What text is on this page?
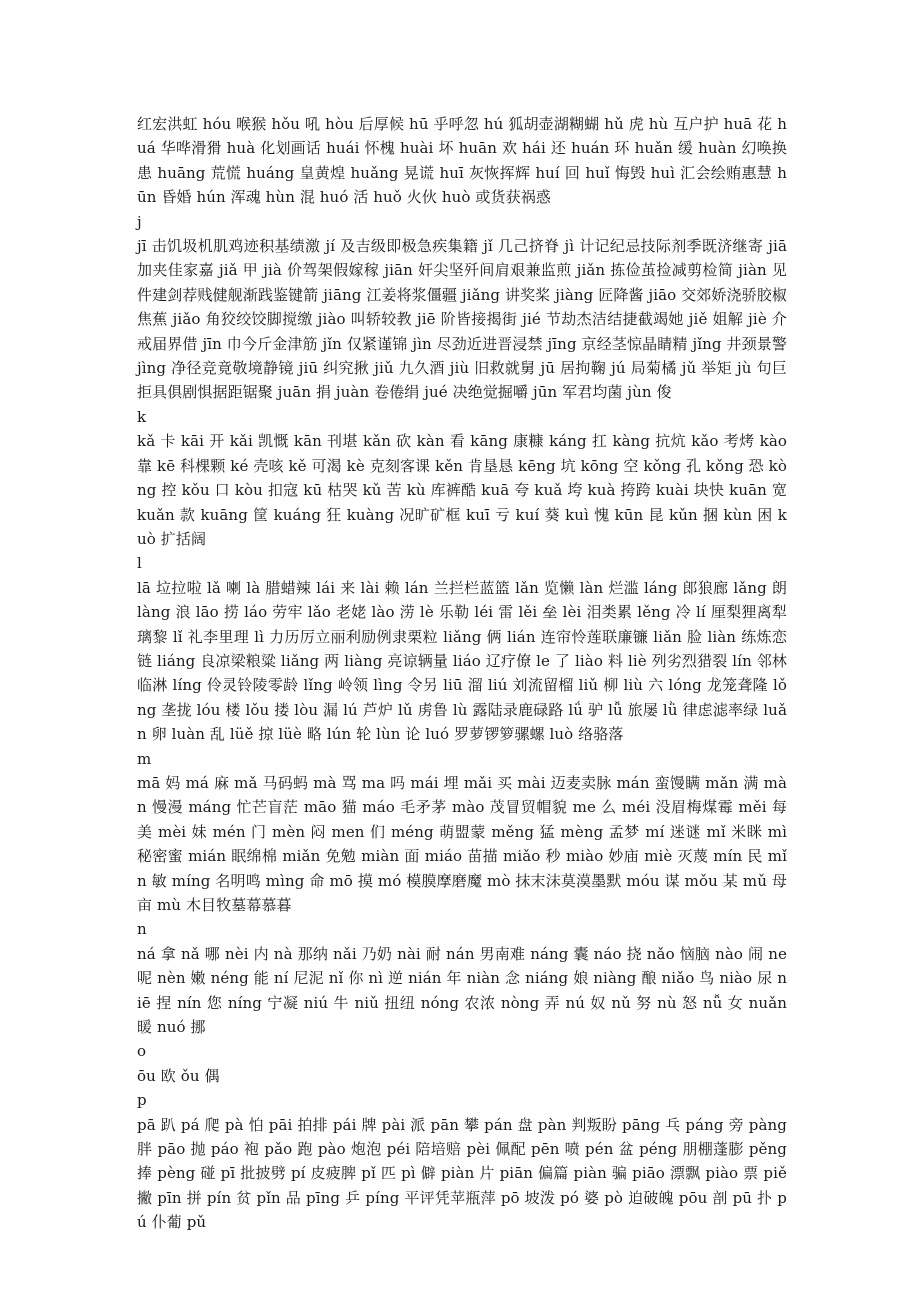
红宏洪虹 hóu 喉猴 hǒu 吼 hòu 后厚候 hū 乎呼忽 hú 狐胡壶湖糊蝴 hǔ 虎 hù 互户护 huā 花 huá 华哗滑猾 huà 化划画话 huái 怀槐 huài 坏 huān 欢 hái 还 huán 环 huǎn 缓 huàn 幻唤换患 huāng 荒慌 huáng 皇黄煌 huǎng 晃谎 huī 灰恢挥辉 huí 回 huǐ 悔毁 huì 汇会绘贿惠慧 hūn 昏婚 hún 浑魂 hùn 混 huó 活 huǒ 火伙 huò 或货获祸惑

j

jī 击饥圾机肌鸡迹积基绩激 jí 及吉级即极急疾集籍 jǐ 几己挤脊 jì 计记纪忌技际剂季既济继寄 jiā 加夹佳家嘉 jiǎ 甲 jià 价驾架假嫁稼 jiān 奸尖坚歼间肩艰兼监煎 jiǎn 拣俭茧捡减剪检简 jiàn 见件建剑荐贱健舰渐践鉴键箭 jiāng 江姜将浆僵疆 jiǎng 讲奖桨 jiàng 匠降酱 jiāo 交郊娇浇骄胶椒焦蕉 jiǎo 角狡绞饺脚搅缴 jiào 叫轿较教 jiē 阶皆接揭街 jié 节劫杰洁结捷截竭她 jiě 姐解 jiè 介戒届界借 jīn 巾今斤金津筋 jǐn 仅紧谨锦 jìn 尽劲近进晋浸禁 jīng 京经茎惊晶睛精 jǐng 井颈景警 jìng 净径竞竟敬境静镜 jiū 纠究揪 jiǔ 九久酒 jiù 旧救就舅 jū 居拘鞠 jú 局菊橘 jǔ 举矩 jù 句巨拒具俱剧惧据距锯聚 juān 捐 juàn 卷倦绢 jué 决绝觉掘嚼 jūn 军君均菌 jùn 俊

k

kǎ 卡 kāi 开 kǎi 凯慨 kān 刊堪 kǎn 砍 kàn 看 kāng 康糠 káng 扛 kàng 抗炕 kǎo 考烤 kào 靠 kē 科棵颗 ké 壳咳 kě 可渴 kè 克刻客课 kěn 肯垦恳 kēng 坑 kōng 空 kǒng 孔 kǒng 恐 kòng 控 kǒu 口 kòu 扣寇 kū 枯哭 kǔ 苦 kù 库裤酷 kuā 夸 kuǎ 垮 kuà 挎跨 kuài 块快 kuān 宽 kuǎn 款 kuāng 筐 kuáng 狂 kuàng 况旷矿框 kuī 亏 kuí 葵 kuì 愧 kūn 昆 kǔn 捆 kùn 困 kuò 扩括阔

l

lā 垃拉啦 lǎ 喇 là 腊蜡辣 lái 来 lài 赖 lán 兰拦栏蓝篮 lǎn 览懒 làn 烂滥 láng 郎狼廊 lǎng 朗 làng 浪 lāo 捞 láo 劳牢 lǎo 老姥 lào 涝 lè 乐勒 léi 雷 lěi 垒 lèi 泪类累 lěng 冷 lí 厘梨狸离犁璃黎 lǐ 礼李里理 lì 力历厉立丽利励例隶栗粒 liǎng 俩 lián 连帘怜莲联廉镰 liǎn 脸 liàn 练炼恋链 liáng 良凉梁粮粱 liǎng 两 liàng 亮谅辆量 liáo 辽疗僚 le 了 liào 料 liè 列劣烈猎裂 lín 邻林临淋 líng 伶灵铃陵零龄 lǐng 岭领 lìng 令另 liū 溜 liú 刘流留榴 liǔ 柳 liù 六 lóng 龙笼聋隆 lǒng 垄拢 lóu 楼 lǒu 搂 lòu 漏 lú 芦炉 lǔ 虏鲁 lù 露陆录鹿碌路 lǘ 驴 lǚ 旅屡 lǜ 律虑滤率绿 luǎn 卵 luàn 乱 lüě 掠 lüè 略 lún 轮 lùn 论 luó 罗萝锣箩骡螺 luò 络骆落

m

mā 妈 má 麻 mǎ 马码蚂 mà 骂 ma 吗 mái 埋 mǎi 买 mài 迈麦卖脉 mán 蛮馒瞒 mǎn 满 màn 慢漫 máng 忙芒盲茫 māo 猫 máo 毛矛茅 mào 茂冒贸帽貌 me 么 méi 没眉梅煤霉 měi 每美 mèi 妹 mén 门 mèn 闷 men 们 méng 萌盟蒙 měng 猛 mèng 孟梦 mí 迷谜 mǐ 米眯 mì 秘密蜜 mián 眠绵棉 miǎn 免勉 miàn 面 miáo 苗描 miǎo 秒 miào 妙庙 miè 灭蔑 mín 民 mǐn 敏 míng 名明鸣 mìng 命 mō 摸 mó 模膜摩磨魔 mò 抹末沫莫漠墨默 móu 谋 mǒu 某 mǔ 母亩 mù 木目牧墓幕慕暮

n

ná 拿 nǎ 哪 nèi 内 nà 那纳 nǎi 乃奶 nài 耐 nán 男南难 náng 囊 náo 挠 nǎo 恼脑 nào 闹 ne 呢 nèn 嫩 néng 能 ní 尼泥 nǐ 你 nì 逆 nián 年 niàn 念 niáng 娘 niàng 酿 niǎo 鸟 niào 尿 niē 捏 nín 您 níng 宁凝 niú 牛 niǔ 扭纽 nóng 农浓 nòng 弄 nú 奴 nǔ 努 nù 怒 nǚ 女 nuǎn 暖 nuó 挪

o

ōu 欧 ǒu 偶

p

pā 趴 pá 爬 pà 怕 pāi 拍排 pái 牌 pài 派 pān 攀 pán 盘 pàn 判叛盼 pāng 乓 páng 旁 pàng 胖 pāo 抛 páo 袍 pǎo 跑 pào 炮泡 péi 陪培赔 pèi 佩配 pēn 喷 pén 盆 péng 朋棚蓬膨 pěng 捧 pèng 碰 pī 批披劈 pí 皮疲脾 pǐ 匹 pì 僻 piàn 片 piān 偏篇 piàn 骗 piāo 漂飘 piào 票 piě 撇 pīn 拼 pín 贫 pǐn 品 pīng 乒 píng 平评凭苹瓶萍 pō 坡泼 pó 婆 pò 迫破魄 pōu 剖 pū 扑 pú 仆葡 pǔ
